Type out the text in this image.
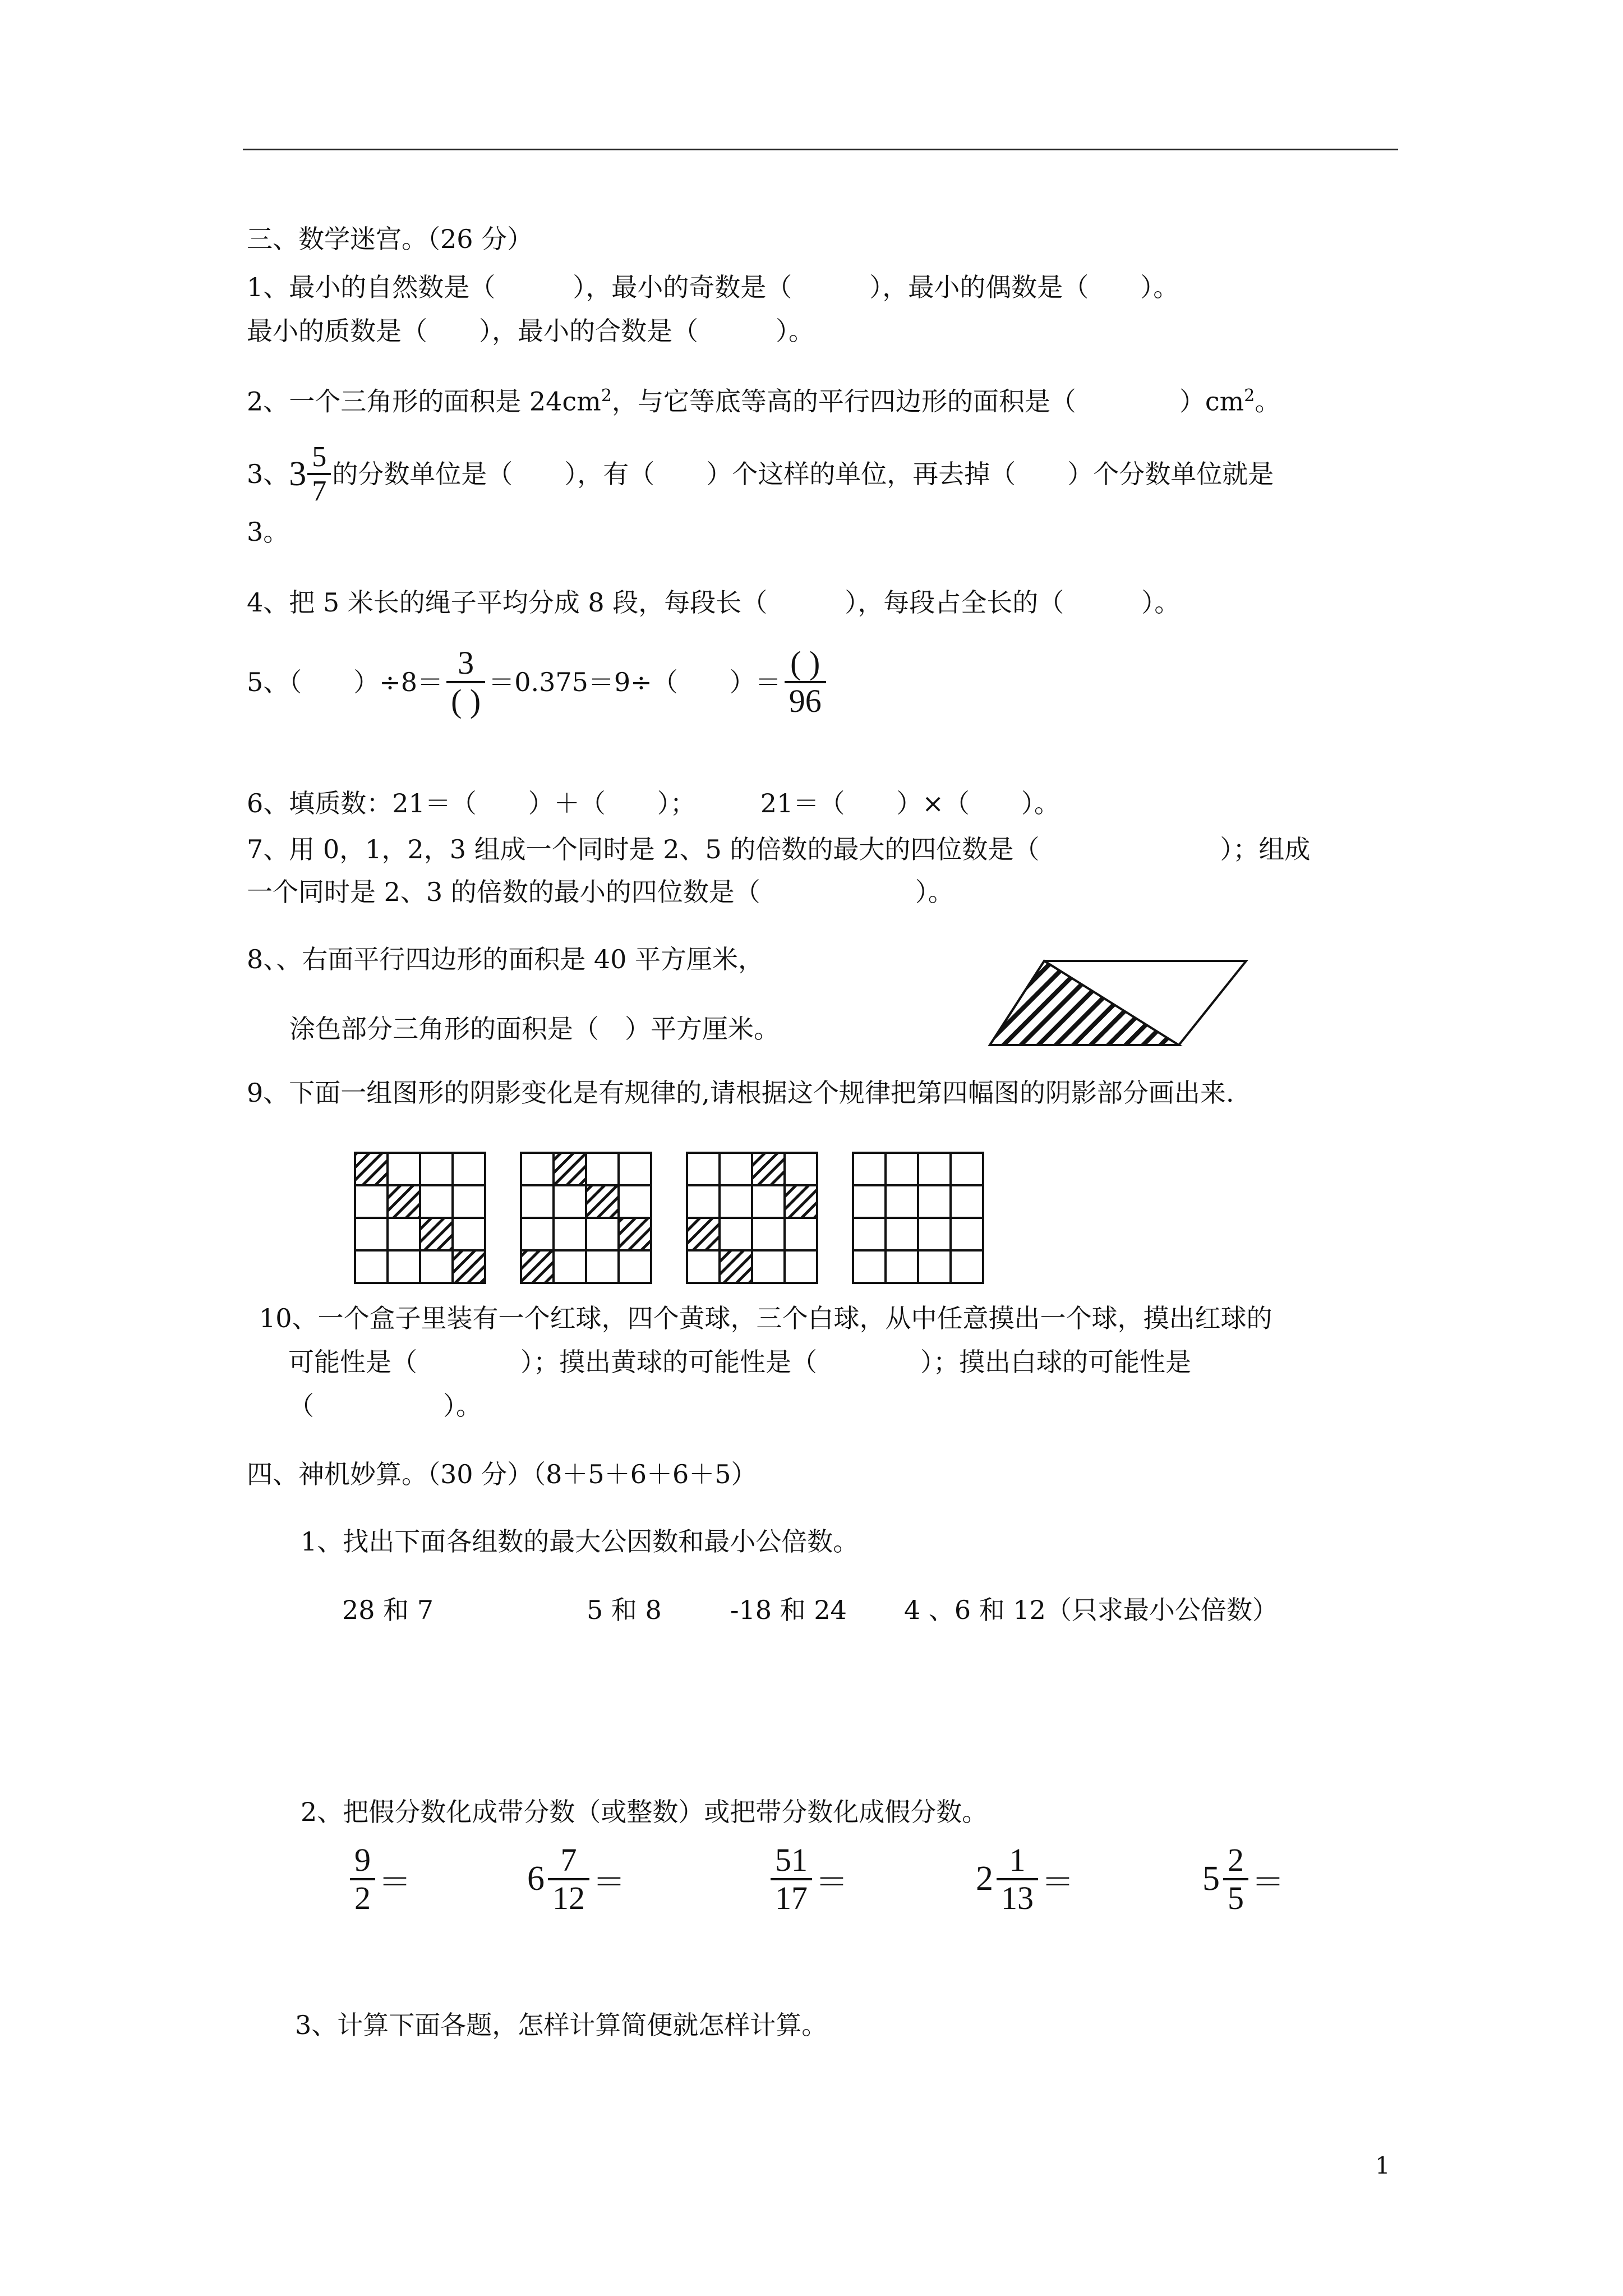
三、数学迷宫。（26 分）
1、最小的自然数是（　　　），最小的奇数是（　　　），最小的偶数是（　　）。
最小的质数是（　　），最小的合数是（　　　）。
2、一个三角形的面积是 $24cm^2$，与它等底等高的平行四边形的面积是（　　　　）$cm^2$。
3、$3 \frac{5}{7}$ 的分数单位是（　　），有（　　）个这样的单位，再去掉（　　）个分数单位就是
3。
4、把 5 米长的绳子平均分成 8 段，每段长（　　　），每段占全长的（　　　）。
5、（　　）÷8＝
3
( )
＝0.375＝9÷（　　）＝
( )
96
6、填质数：21＝（　　）＋（　　）；　　　21＝（　　）×（　　）。
7、用 0，1，2，3 组成一个同时是 2、5 的倍数的最大的四位数是（　　　　　　　）；组成
一个同时是 2、3 的倍数的最小的四位数是（　　　　　　）。
8、、右面平行四边形的面积是 40 平方厘米，
涂色部分三角形的面积是（　）平方厘米。
9、下面一组图形的阴影变化是有规律的,请根据这个规律把第四幅图的阴影部分画出来.
10、一个盒子里装有一个红球，四个黄球，三个白球，从中任意摸出一个球，摸出红球的
可能性是（　　　　）；摸出黄球的可能性是（　　　　）；摸出白球的可能性是
（　　　　　）。
四、神机妙算。（30 分）（8＋5＋6＋6＋5）
1、找出下面各组数的最大公因数和最小公倍数。
28 和 7	5 和 8	-18 和 24 4 、6 和 12（只求最小公倍数）
2、把假分数化成带分数（或整数）或把带分数化成假分数。
$\frac{9}{2}$ ＝	$6 \frac{7}{12}$ ＝	$\frac{51}{17}$ ＝	$2 \frac{1}{13}$ ＝	$5 \frac{2}{5}$ ＝
3、计算下面各题，怎样计算简便就怎样计算。
1
